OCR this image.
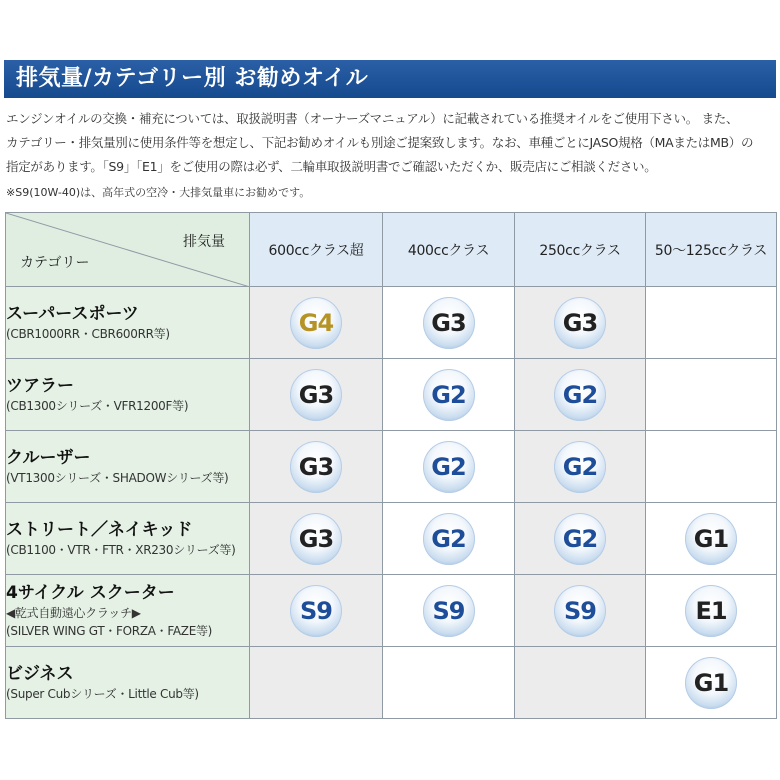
排気量/カテゴリー別 お勧めオイル

エンジンオイルの交換・補充については、取扱説明書（オーナーズマニュアル）に記載されている推奨オイルをご使用下さい。 また、

カテゴリー・排気量別に使用条件等を想定し、下記お勧めオイルも別途ご提案致します。なお、車種ごとにJASO規格（MAまたはMB）の

指定があります。「S9」「E1」をご使用の際は必ず、二輪車取扱説明書でご確認いただくか、販売店にご相談ください。

※S9(10W-40)は、高年式の空冷・大排気量車にお勧めです。
排気量
カテゴリー	600ccクラス超	400ccクラス	250ccクラス	50～125ccクラス

スーパースポーツ
(CBR1000RR・CBR600RR等)	G4	G3	G3	

ツアラー
(CB1300シリーズ・VFR1200F等)	G3	G2	G2	

クルーザー
(VT1300シリーズ・SHADOWシリーズ等)	G3	G2	G2	

ストリート／ネイキッド
(CB1100・VTR・FTR・XR230シリーズ等)	G3	G2	G2	G1

4サイクル スクーター
◀乾式自動遠心クラッチ▶
(SILVER WING GT・FORZA・FAZE等)	S9	S9	S9	E1

ビジネス
(Super Cubシリーズ・Little Cub等)				G1
